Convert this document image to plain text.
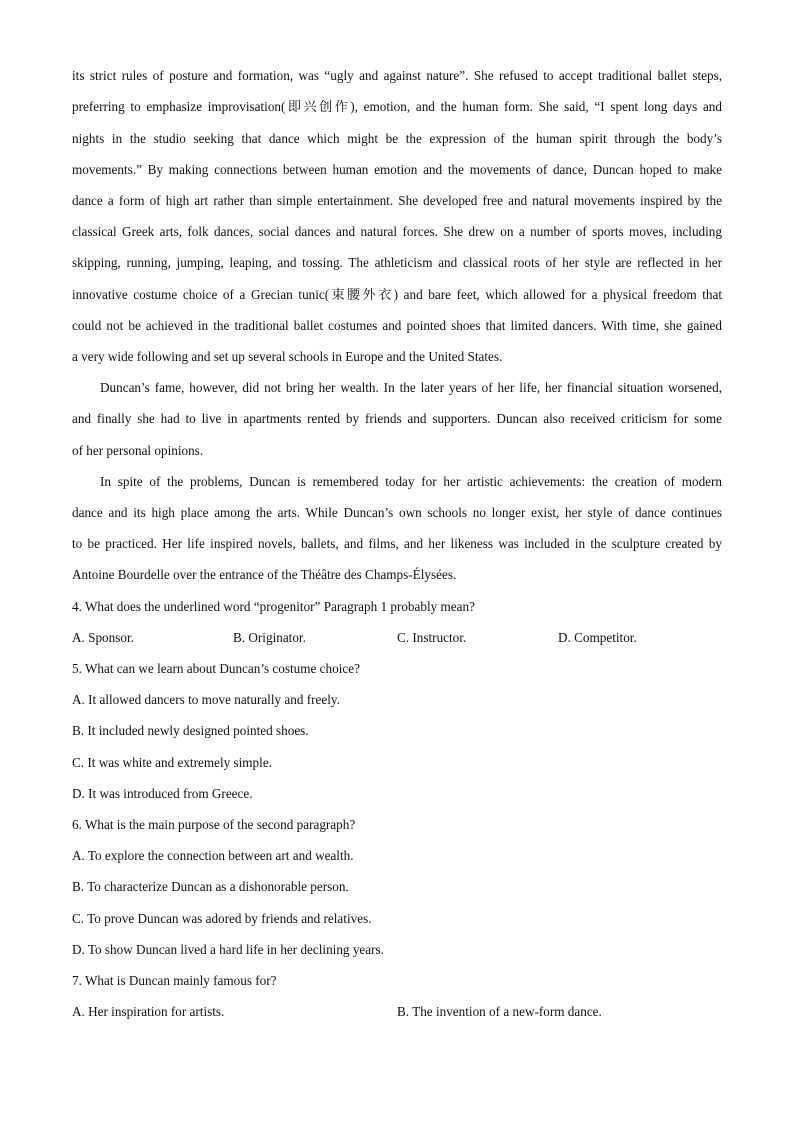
its strict rules of posture and formation, was “ugly and against nature”. She refused to accept traditional ballet steps,
preferring to emphasize improvisation(即兴创作), emotion, and the human form. She said, “I spent long days and
nights in the studio seeking that dance which might be the expression of the human spirit through the body’s
movements.” By making connections between human emotion and the movements of dance, Duncan hoped to make
dance a form of high art rather than simple entertainment. She developed free and natural movements inspired by the
classical Greek arts, folk dances, social dances and natural forces. She drew on a number of sports moves, including
skipping, running, jumping, leaping, and tossing. The athleticism and classical roots of her style are reflected in her
innovative costume choice of a Grecian tunic(束腰外衣) and bare feet, which allowed for a physical freedom that
could not be achieved in the traditional ballet costumes and pointed shoes that limited dancers. With time, she gained
a very wide following and set up several schools in Europe and the United States.
Duncan’s fame, however, did not bring her wealth. In the later years of her life, her financial situation worsened,
and finally she had to live in apartments rented by friends and supporters. Duncan also received criticism for some
of her personal opinions.
In spite of the problems, Duncan is remembered today for her artistic achievements: the creation of modern
dance and its high place among the arts. While Duncan’s own schools no longer exist, her style of dance continues
to be practiced. Her life inspired novels, ballets, and films, and her likeness was included in the sculpture created by
Antoine Bourdelle over the entrance of the Théâtre des Champs-Élysées.
4. What does the underlined word “progenitor” Paragraph 1 probably mean?
A. Sponsor.	B. Originator.	C. Instructor.	D. Competitor.
5. What can we learn about Duncan’s costume choice?
A. It allowed dancers to move naturally and freely.
B. It included newly designed pointed shoes.
C. It was white and extremely simple.
D. It was introduced from Greece.
6. What is the main purpose of the second paragraph?
A. To explore the connection between art and wealth.
B. To characterize Duncan as a dishonorable person.
C. To prove Duncan was adored by friends and relatives.
D. To show Duncan lived a hard life in her declining years.
7. What is Duncan mainly famous for?
A. Her inspiration for artists.	B. The invention of a new-form dance.
